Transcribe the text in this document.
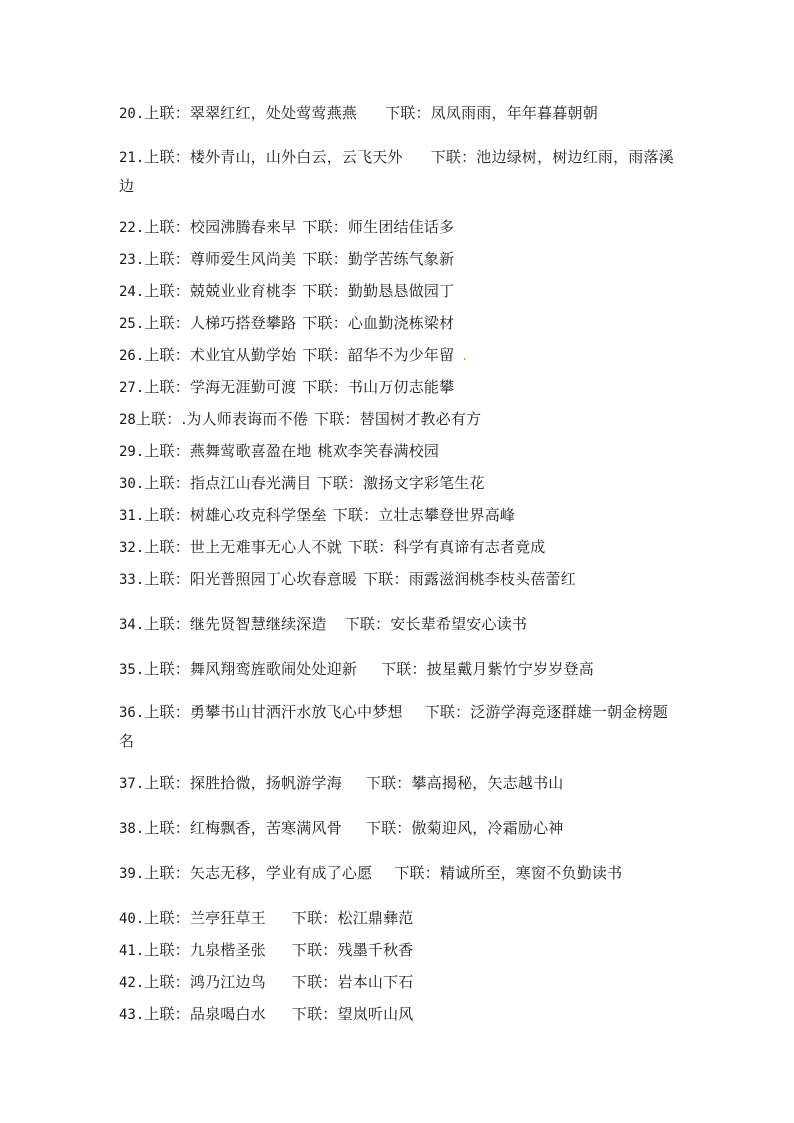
20.上联：翠翠红红，处处莺莺燕燕 下联：凤凤雨雨，年年暮暮朝朝
21.上联：楼外青山，山外白云，云飞天外 下联：池边绿树，树边红雨，雨落溪边
22.上联：校园沸腾春来早 下联：师生团结佳话多
23.上联：尊师爱生风尚美 下联：勤学苦练气象新
24.上联：兢兢业业育桃李 下联：勤勤恳恳做园丁
25.上联：人梯巧搭登攀路 下联：心血勤浇栋梁材
26.上联：术业宜从勤学始 下联：韶华不为少年留 .
27.上联：学海无涯勤可渡 下联：书山万仞志能攀
28上联：.为人师表诲而不倦 下联：替国树才教必有方
29.上联：燕舞莺歌喜盈在地 桃欢李笑春满校园
30.上联：指点江山春光满目 下联：激扬文字彩笔生花
31.上联：树雄心攻克科学堡垒 下联：立壮志攀登世界高峰
32.上联：世上无难事无心人不就 下联：科学有真谛有志者竟成
33.上联：阳光普照园丁心坎春意暖 下联：雨露滋润桃李枝头蓓蕾红
34.上联：继先贤智慧继续深造 下联：安长辈希望安心读书
35.上联：舞风翔鸾旌歌闹处处迎新 下联：披星戴月紫竹宁岁岁登高
36.上联：勇攀书山甘洒汗水放飞心中梦想 下联：泛游学海竞逐群雄一朝金榜题名
37.上联：探胜拾微，扬帆游学海 下联：攀高揭秘，矢志越书山
38.上联：红梅飘香，苦寒满风骨 下联：傲菊迎风，冷霜励心神
39.上联：矢志无移，学业有成了心愿 下联：精诚所至，寒窗不负勤读书
40.上联：兰亭狂草王 下联：松江鼎彝范
41.上联：九泉楷圣张 下联：残墨千秋香
42.上联：鸿乃江边鸟 下联：岩本山下石
43.上联：品泉喝白水 下联：望岚听山风
